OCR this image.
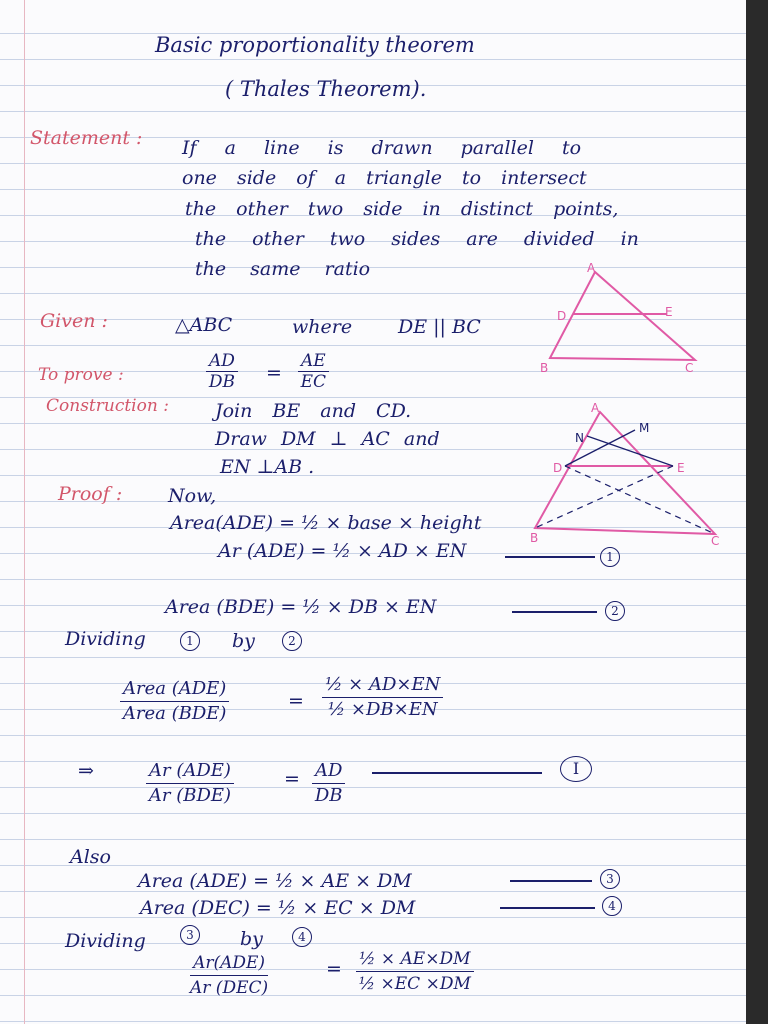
Basic proportionality theorem
( Thales Theorem).
Statement : If a line is drawn parallel to
one side of a triangle to intersect
the other two side in distinct points,
the other two sides are divided in
the same ratio	A
B	C
D	E
Given :	△ABC	where DE || BC
To prove :	$\frac{AD}{DB} = \frac{AE}{EC}$
Construction : Join BE and CD.
Draw DM ⊥ AC and
EN ⊥AB .
A
B	C
D	E
N
M
Proof : Now,
Area(ADE) = ½ × base × height
Ar (ADE) = ½ × AD × EN	1
Area (BDE) = ½ × DB × EN	2
Dividing	1	by	2
Area (ADE)
Area (BDE)
= $\frac{\text{½ × AD×EN}}{\text{½ ×DB×EN}}$
⇒	Ar (ADE)
Ar (BDE)
= $\frac{AD}{DB}$	I
Also
Area (ADE) = ½ × AE × DM	3
Area (DEC) = ½ × EC × DM	4
Dividing	3	by	4
Ar(ADE)
Ar (DEC)
= $\frac{\text{½ × AE×DM}}{\text{½ ×EC ×DM}}$
